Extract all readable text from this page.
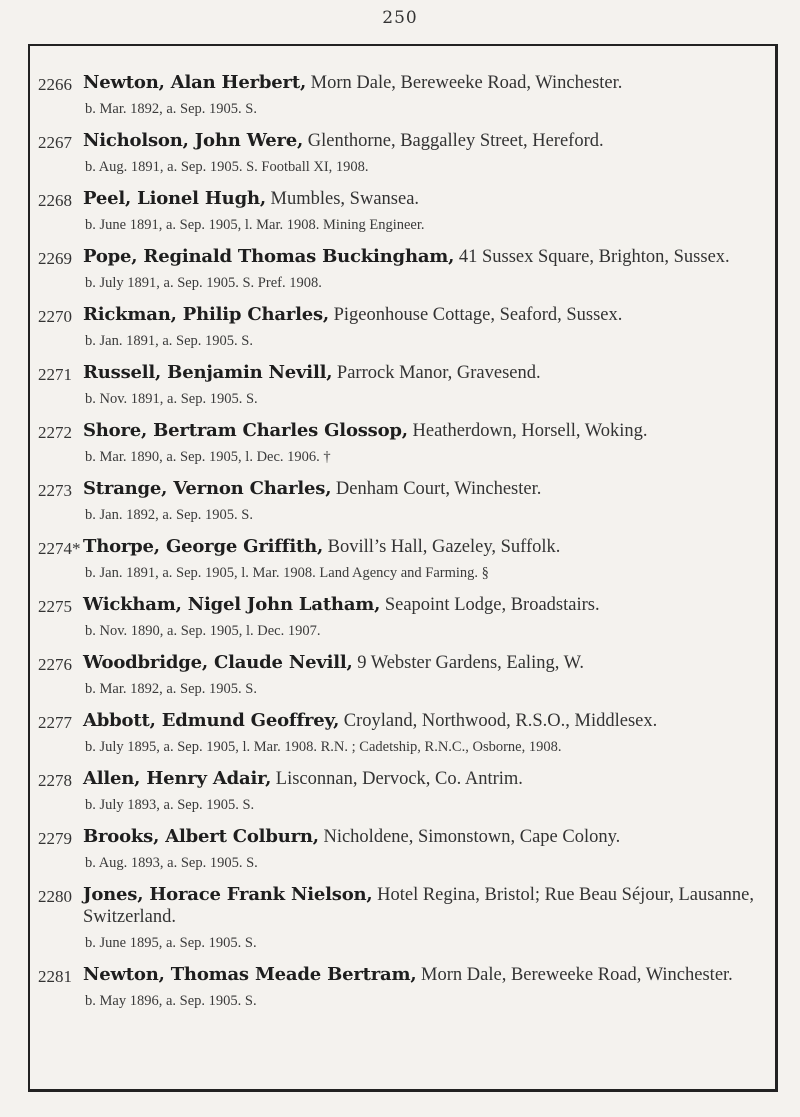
250
2266 Newton, Alan Herbert, Morn Dale, Bereweeke Road, Winchester.
b. Mar. 1892, a. Sep. 1905. S.
2267 Nicholson, John Were, Glenthorne, Baggalley Street, Hereford.
b. Aug. 1891, a. Sep. 1905. S. Football XI, 1908.
2268 Peel, Lionel Hugh, Mumbles, Swansea.
b. June 1891, a. Sep. 1905, l. Mar. 1908. Mining Engineer.
2269 Pope, Reginald Thomas Buckingham, 41 Sussex Square, Brighton, Sussex.
b. July 1891, a. Sep. 1905. S. Pref. 1908.
2270 Rickman, Philip Charles, Pigeonhouse Cottage, Seaford, Sussex.
b. Jan. 1891, a. Sep. 1905. S.
2271 Russell, Benjamin Nevill, Parrock Manor, Gravesend.
b. Nov. 1891, a. Sep. 1905. S.
2272 Shore, Bertram Charles Glossop, Heatherdown, Horsell, Woking.
b. Mar. 1890, a. Sep. 1905, l. Dec. 1906. †
2273 Strange, Vernon Charles, Denham Court, Winchester.
b. Jan. 1892, a. Sep. 1905. S.
2274* Thorpe, George Griffith, Bovill’s Hall, Gazeley, Suffolk.
b. Jan. 1891, a. Sep. 1905, l. Mar. 1908. Land Agency and Farming. §
2275 Wickham, Nigel John Latham, Seapoint Lodge, Broadstairs.
b. Nov. 1890, a. Sep. 1905, l. Dec. 1907.
2276 Woodbridge, Claude Nevill, 9 Webster Gardens, Ealing, W.
b. Mar. 1892, a. Sep. 1905. S.
2277 Abbott, Edmund Geoffrey, Croyland, Northwood, R.S.O., Middlesex.
b. July 1895, a. Sep. 1905, l. Mar. 1908. R.N. ; Cadetship, R.N.C., Osborne, 1908.
2278 Allen, Henry Adair, Lisconnan, Dervock, Co. Antrim.
b. July 1893, a. Sep. 1905. S.
2279 Brooks, Albert Colburn, Nicholdene, Simonstown, Cape Colony.
b. Aug. 1893, a. Sep. 1905. S.
2280 Jones, Horace Frank Nielson, Hotel Regina, Bristol; Rue Beau Séjour, Lausanne, Switzerland.
b. June 1895, a. Sep. 1905. S.
2281 Newton, Thomas Meade Bertram, Morn Dale, Bereweeke Road, Winchester.
b. May 1896, a. Sep. 1905. S.
